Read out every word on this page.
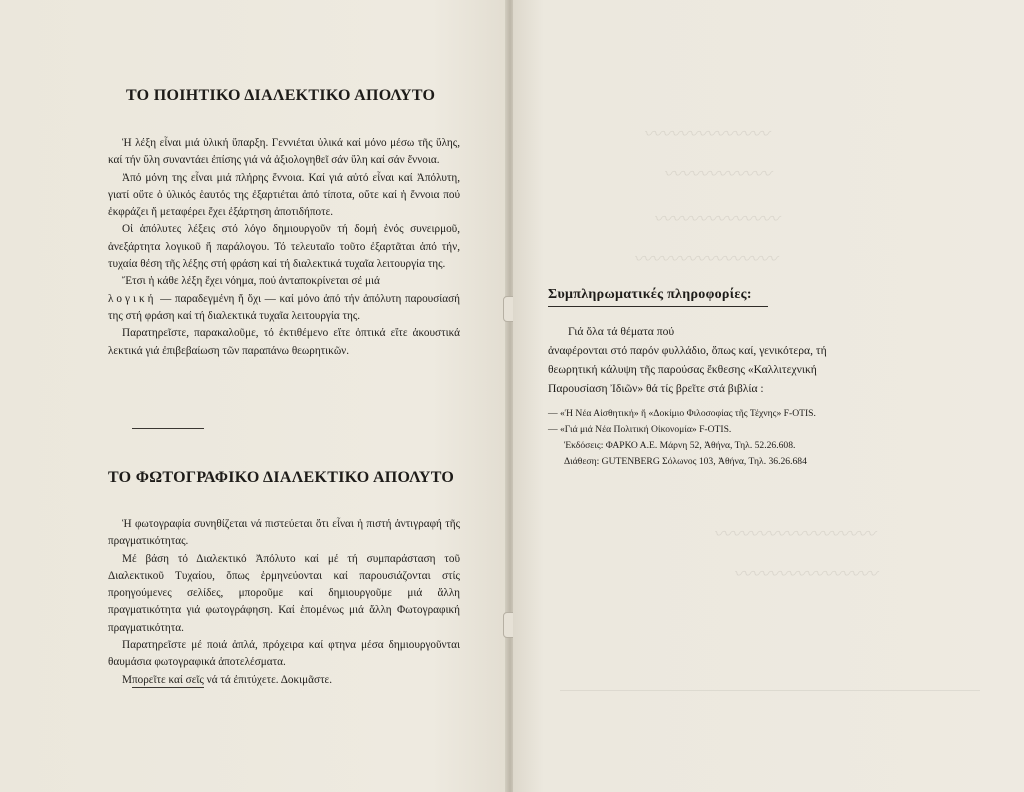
ΤΟ ΠΟΙΗΤΙΚΟ ΔΙΑΛΕΚΤΙΚΟ ΑΠΟΛΥΤΟ

Ἡ λέξη εἶναι μιά ὑλική ὕπαρξη. Γεννιέται ὑλικά καί μόνο μέσω τῆς ὕλης, καί τήν ὕλη συναντάει ἐπίσης γιά νά ἀξιολογηθεῖ σάν ὕλη καί σάν ἔννοια.

Ἀπό μόνη της εἶναι μιά πλήρης ἔννοια. Καί γιά αὐτό εἶναι καί Ἀπόλυτη, γιατί οὔτε ὁ ὑλικός ἑαυτός της ἐξαρτιέται ἀπό τίποτα, οὔτε καί ἡ ἔννοια πού ἐκφράζει ἤ μεταφέρει ἔχει ἐξάρτηση ἀποτιδήποτε.

Οἱ ἀπόλυτες λέξεις στό λόγο δημιουργοῦν τή δομή ἑνός συνειρμοῦ, ἀνεξάρτητα λογικοῦ ἤ παράλογου. Τό τελευταῖο τοῦτο ἐξαρτᾶται ἀπό τήν, τυχαία θέση τῆς λέξης στή φράση καί τή διαλεκτικά τυχαῖα λειτουργία της.

Ἔτσι ἡ κάθε λέξη ἔχει νόημα, πού ἀνταποκρίνεται σέ μιά
λογική — παραδεγμένη ἤ ὄχι — καί μόνο ἀπό τήν ἀπόλυτη παρουσίασή της στή φράση καί τή διαλεκτικά τυχαῖα λειτουργία της.

Παρατηρεῖστε, παρακαλοῦμε, τό ἐκτιθέμενο εἴτε ὀπτικά εἴτε ἀκουστικά λεκτικά γιά ἐπιβεβαίωση τῶν παραπάνω θεωρητικῶν.

ΤΟ ΦΩΤΟΓΡΑΦΙΚΟ ΔΙΑΛΕΚΤΙΚΟ ΑΠΟΛΥΤΟ

Ἡ φωτογραφία συνηθίζεται νά πιστεύεται ὅτι εἶναι ἡ πιστή ἀντιγραφή τῆς πραγματικότητας.

Μέ βάση τό Διαλεκτικό Ἀπόλυτο καί μέ τή συμπαράσταση τοῦ Διαλεκτικοῦ Τυχαίου, ὅπως ἑρμηνεύονται καί παρουσιάζονται στίς προηγούμενες σελίδες, μποροῦμε καί δημιουργοῦμε μιά ἄλλη πραγματικότητα γιά φωτογράφηση. Καί ἑπομένως μιά ἄλλη Φωτογραφική πραγματικότητα.

Παρατηρεῖστε μέ ποιά ἁπλά, πρόχειρα καί φτηνα μέσα δημιουργοῦνται θαυμάσια φωτογραφικά ἀποτελέσματα.

Μπορεῖτε καί σεῖς νά τά ἐπιτύχετε. Δοκιμᾶστε.

〰〰〰〰〰〰〰
〰〰〰〰〰〰
〰〰〰〰〰〰〰
〰〰〰〰〰〰〰〰
〰〰〰〰〰〰〰〰〰
〰〰〰〰〰〰〰〰
Συμπληρωματικές πληροφορίες:

Γιά ὅλα τά θέματα πού
ἀναφέρονται στό παρόν φυλλάδιο, ὅπως καί, γενικότερα, τή
θεωρητική κάλυψη τῆς παρούσας ἔκθεσης «Καλλιτεχνική
Παρουσίαση Ἰδιῶν» θά τίς βρεῖτε στά βιβλία :

— «Ἡ Νέα Αἰσθητική» ἤ «Δοκίμιο Φιλοσοφίας τῆς Τέχνης» F-OTIS.
— «Γιά μιά Νέα Πολιτική Οἰκονομία» F-OTIS.
Ἐκδόσεις: ΦΑΡΚΟ Α.Ε. Μάρνη 52, Ἀθήνα, Τηλ. 52.26.608.
Διάθεση: GUTENBERG Σόλωνος 103, Ἀθήνα, Τηλ. 36.26.684
